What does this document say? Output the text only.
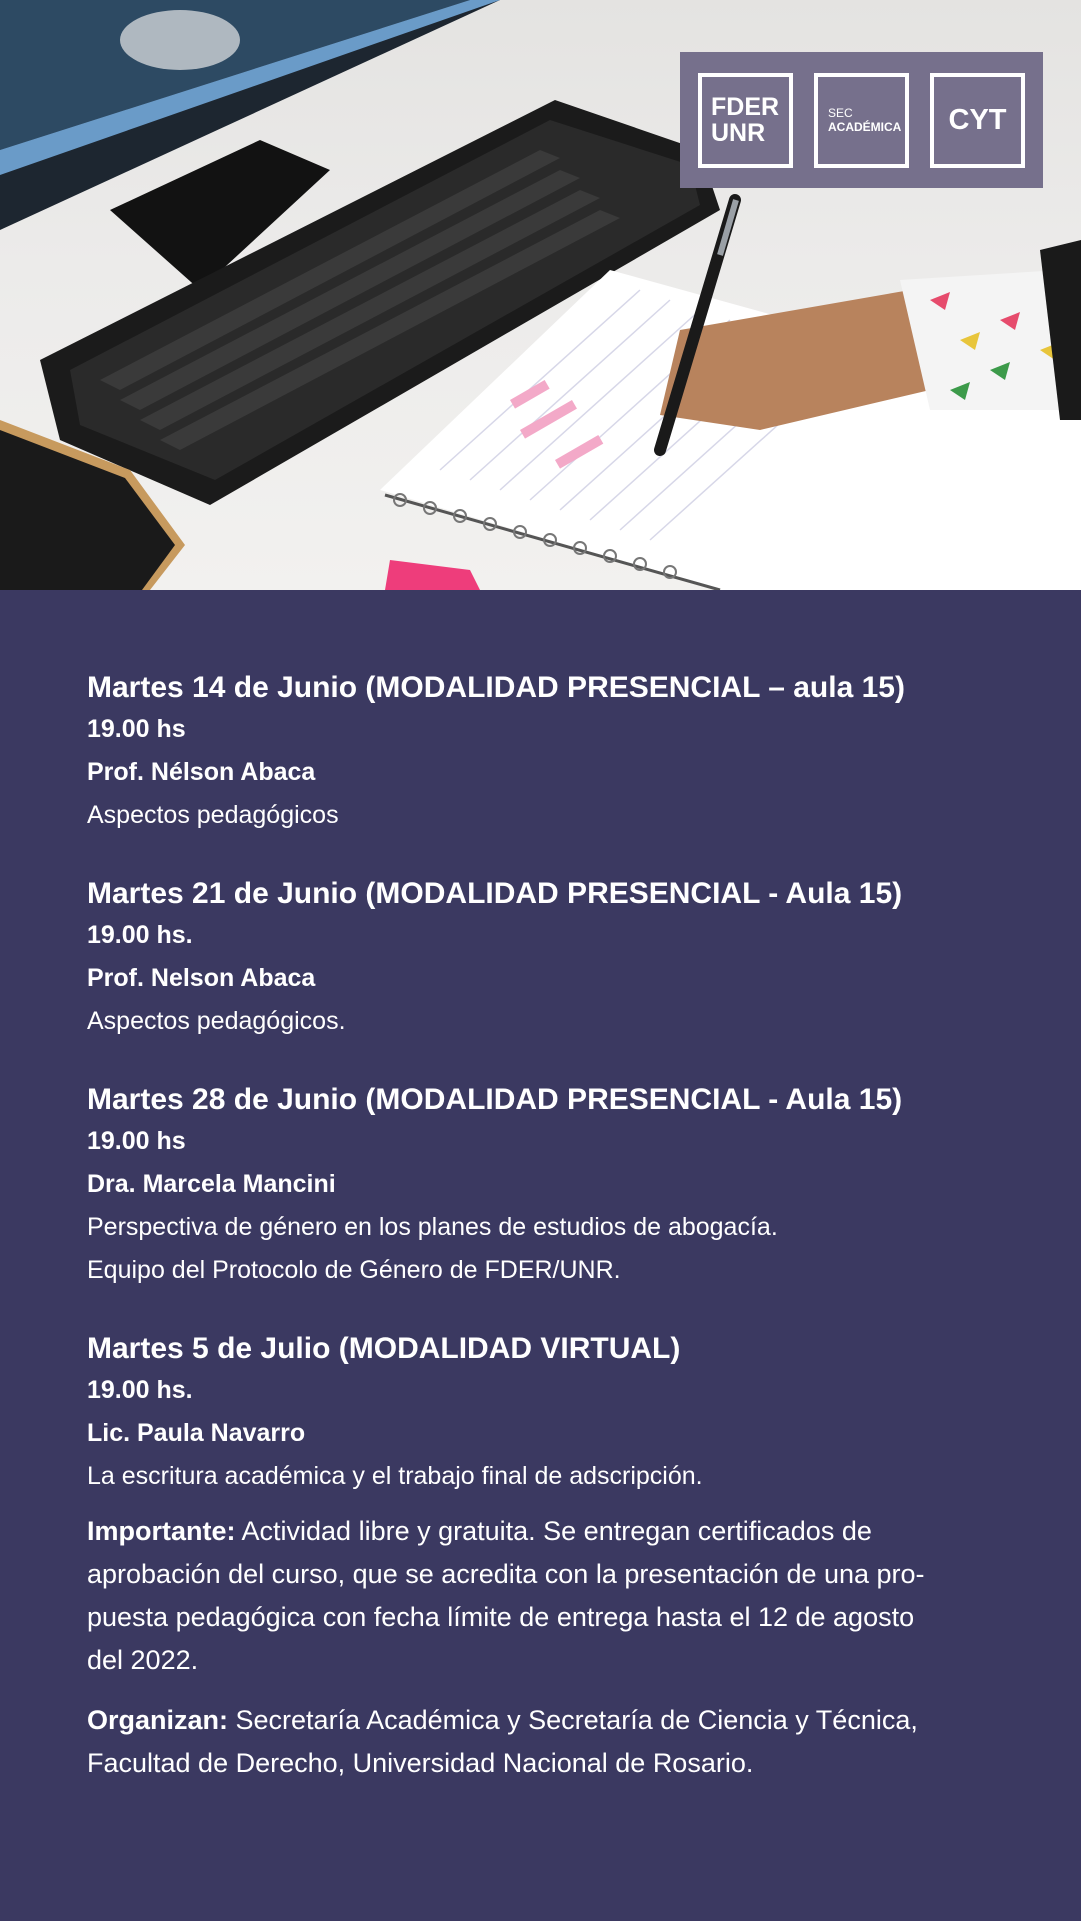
FDER
UNR
SEC
ACADÉMICA CYT
Martes 14 de Junio (MODALIDAD PRESENCIAL – aula 15)
19.00 hs
Prof. Nélson Abaca
Aspectos pedagógicos
Martes 21 de Junio (MODALIDAD PRESENCIAL - Aula 15)
19.00 hs.
Prof. Nelson Abaca
Aspectos pedagógicos.
Martes 28 de Junio (MODALIDAD PRESENCIAL - Aula 15)
19.00 hs
Dra. Marcela Mancini
Perspectiva de género en los planes de estudios de abogacía.
Equipo del Protocolo de Género de FDER/UNR.
Martes 5 de Julio (MODALIDAD VIRTUAL)
19.00 hs.
Lic. Paula Navarro
La escritura académica y el trabajo final de adscripción.
Importante: Actividad libre y gratuita. Se entregan certificados de
aprobación del curso, que se acredita con la presentación de una pro-
puesta pedagógica con fecha límite de entrega hasta el 12 de agosto
del 2022.
Organizan: Secretaría Académica y Secretaría de Ciencia y Técnica,
Facultad de Derecho, Universidad Nacional de Rosario.
